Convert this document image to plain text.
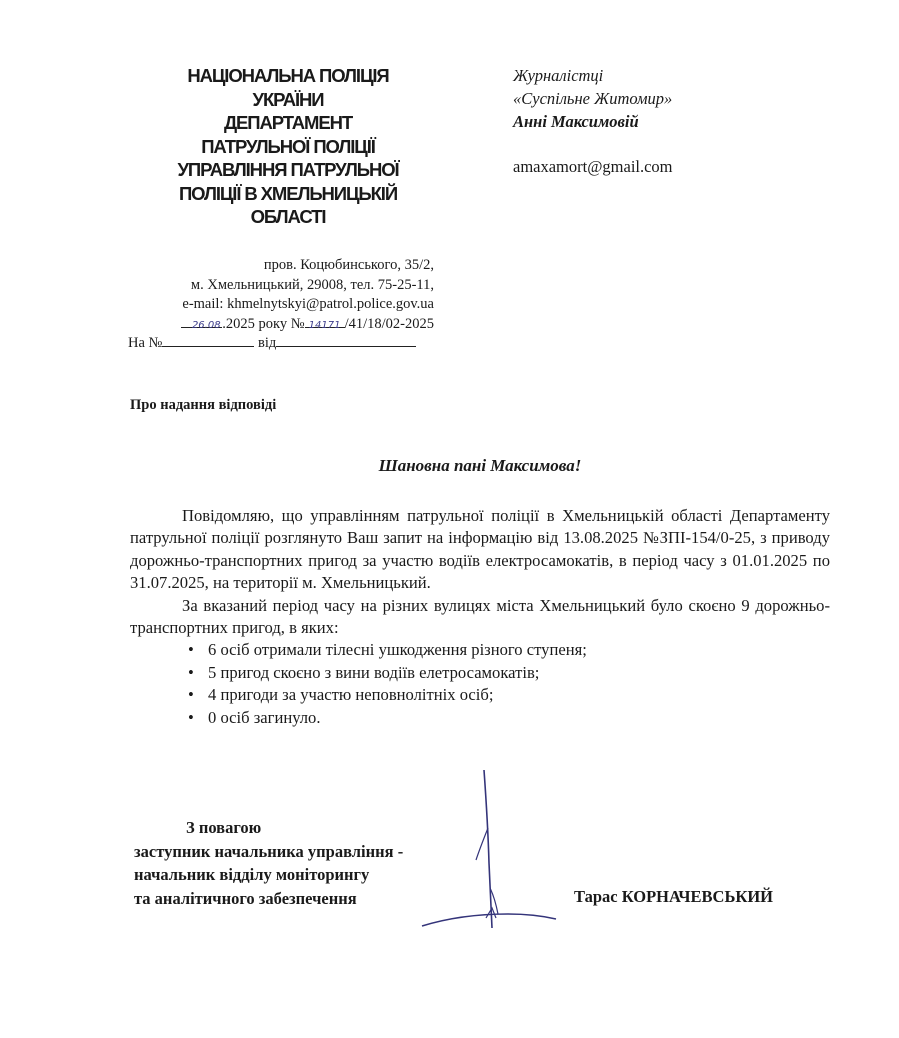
НАЦІОНАЛЬНА ПОЛІЦІЯ
УКРАЇНИ
ДЕПАРТАМЕНТ
ПАТРУЛЬНОЇ ПОЛІЦІЇ
УПРАВЛІННЯ ПАТРУЛЬНОЇ
ПОЛІЦІЇ В ХМЕЛЬНИЦЬКІЙ
ОБЛАСТІ
пров. Коцюбинського, 35/2,
м. Хмельницький, 29008, тел. 75-25-11,
e-mail: khmelnytskyi@patrol.police.gov.ua
26.08 .2025 року № 14171 /41/18/02-2025
На №	від
Журналістці
«Суспільне Житомир»
Анні Максимовій
amaxamort@gmail.com
Про надання відповіді
Шановна пані Максимова!

Повідомляю, що управлінням патрульної поліції в Хмельницькій області Департаменту патрульної поліції розглянуто Ваш запит на інформацію від 13.08.2025 №ЗПІ-154/0-25, з приводу дорожньо-транспортних пригод за участю водіїв електросамокатів, в період часу з 01.01.2025 по 31.07.2025, на території м. Хмельницький.

За вказаний період часу на різних вулицях міста Хмельницький було скоєно 9 дорожньо-транспортних пригод, в яких:

• 6 осіб отримали тілесні ушкодження різного ступеня;
• 5 пригод скоєно з вини водіїв елетросамокатів;
• 4 пригоди за участю неповнолітніх осіб;
• 0 осіб загинуло.
З повагою
заступник начальника управління -
начальник відділу моніторингу
та аналітичного забезпечення	Тарас КОРНАЧЕВСЬКИЙ
